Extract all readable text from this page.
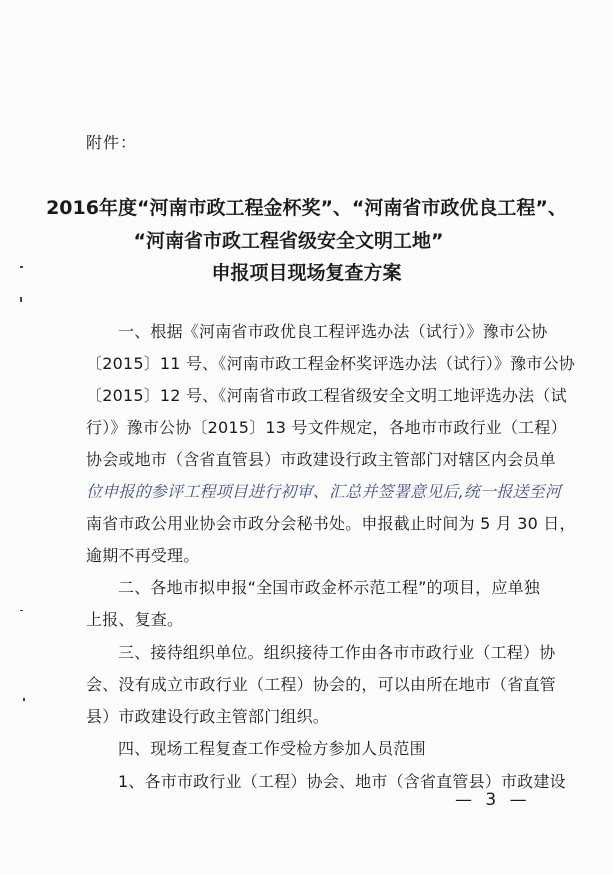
附件：
2016年度“河南市政工程金杯奖”、“河南省市政优良工程”、
“河南省市政工程省级安全文明工地”
申报项目现场复查方案
一、根据《河南省市政优良工程评选办法（试行）》豫市公协
〔2015〕11 号、《河南市政工程金杯奖评选办法（试行）》豫市公协
〔2015〕12 号、《河南省市政工程省级安全文明工地评选办法（试
行）》豫市公协〔2015〕13 号文件规定，各地市市政行业（工程）
协会或地市（含省直管县）市政建设行政主管部门对辖区内会员单
位申报的参评工程项目进行初审、汇总并签署意见后,统一报送至河
南省市政公用业协会市政分会秘书处。申报截止时间为 5 月 30 日，
逾期不再受理。
二、各地市拟申报“全国市政金杯示范工程”的项目，应单独
上报、复查。
三、接待组织单位。组织接待工作由各市市政行业（工程）协
会、没有成立市政行业（工程）协会的，可以由所在地市（省直管
县）市政建设行政主管部门组织。
四、现场工程复查工作受检方参加人员范围
1、各市市政行业（工程）协会、地市（含省直管县）市政建设
— 3 —
